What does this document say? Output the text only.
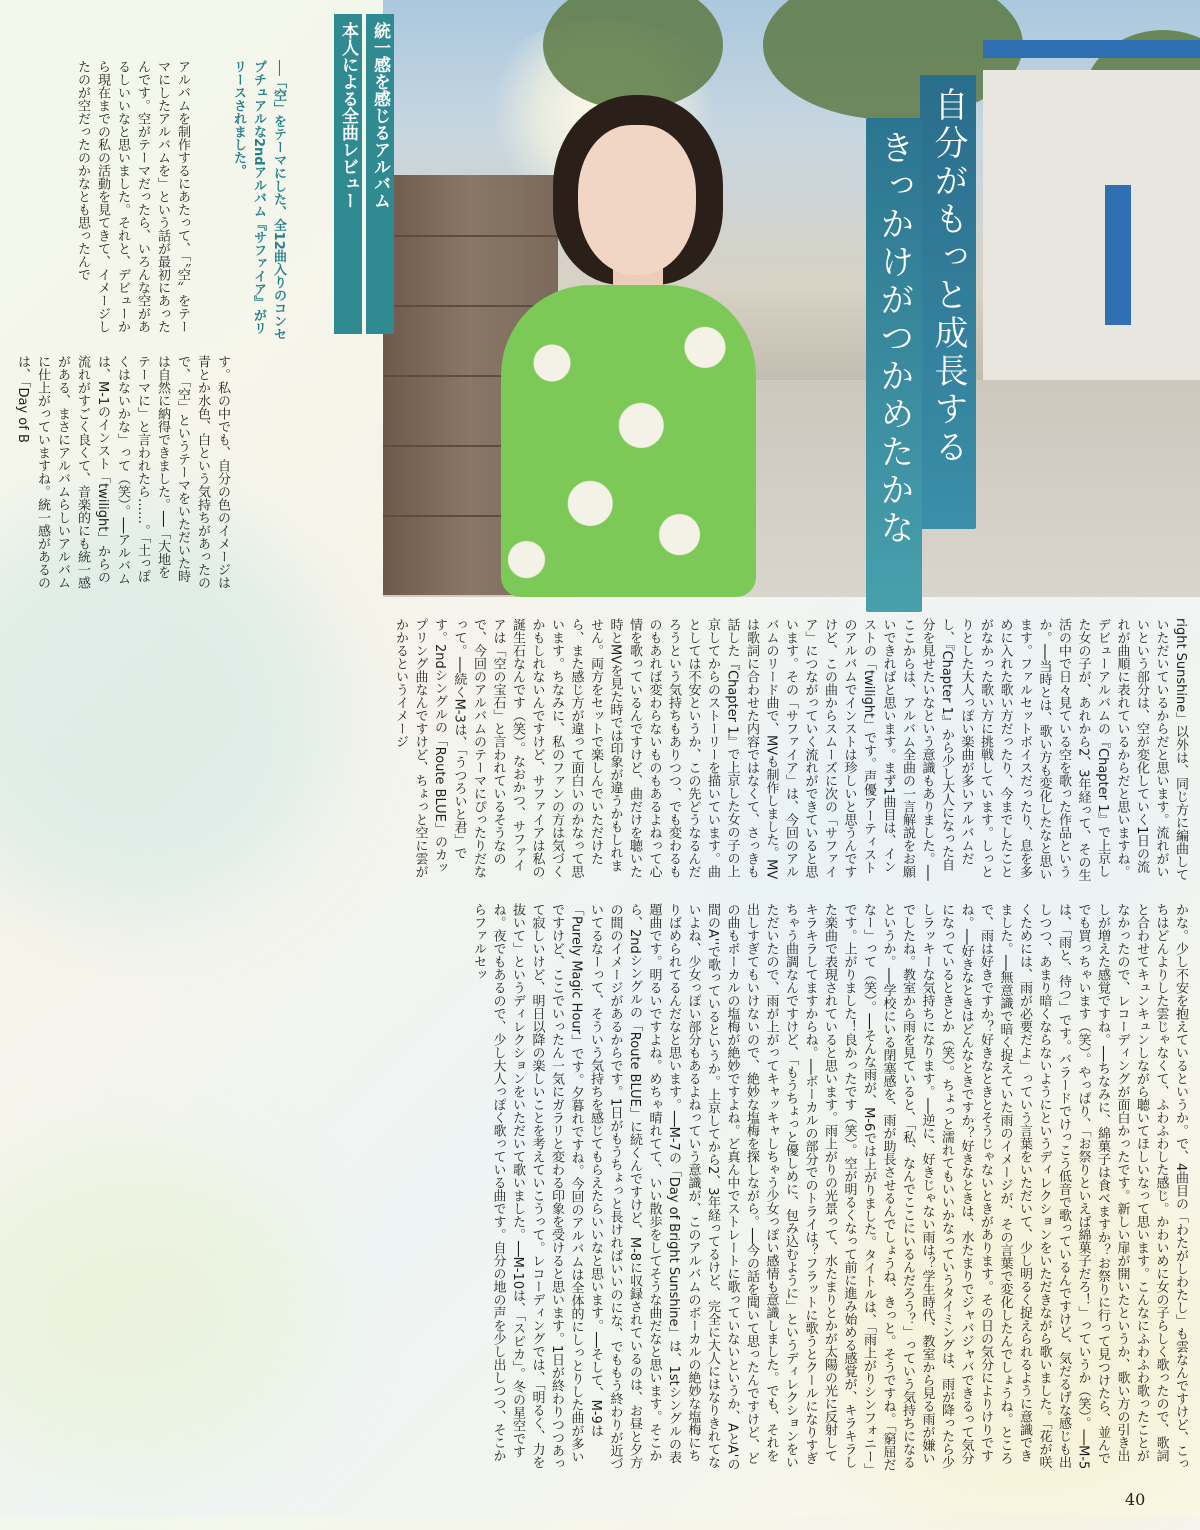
自分がもっと成長する
きっかけがつかめたかな
統一感を感じるアルバム
本人による全曲レビュー
──「空」をテーマにした、全12曲入りのコンセプチュアルな2ndアルバム『サファイア』がリリースされました。
アルバムを制作するにあたって、「〝空〟をテーマにしたアルバムを」という話が最初にあったんです。空がテーマだったら、いろんな空があるしいいなと思いました。それと、デビューから現在までの私の活動を見てきて、イメージしたのが空だったのかなとも思ったんで
す。私の中でも、自分の色のイメージは青とか水色、白という気持ちがあったので、「空」というテーマをいただいた時は自然に納得できました。──「大地をテーマに」と言われたら……。「土っぽくはないかな」って（笑）。──アルバムは、M-1のインスト「twilight」からの流れがすごく良くて、音楽的にも統一感がある、まさにアルバムらしいアルバムに仕上がっていますね。統一感があるのは、「Day of B
right Sunshine」以外は、同じ方に編曲していただいているからだと思います。流れがいいという部分は、空が変化していく1日の流れが曲順に表れているからだと思いますね。デビューアルバムの『Chapter 1』で上京した女の子が、あれから2、3年経って、その生活の中で日々見ている空を歌った作品というか。──当時とは、歌い方も変化したなと思います。ファルセットボイスだったり、息を多めに入れた歌い方だったり、今までしたことがなかった歌い方に挑戦しています。しっとりとした大人っぽい楽曲が多いアルバムだし、『Chapter 1』から少し大人になった自分を見せたいなという意識もありました。──ここからは、アルバム全曲の一言解説をお願いできればと思います。まず1曲目は、インストの「twilight」です。声優アーティストのアルバムでインストは珍しいと思うんですけど、この曲からスムーズに次の「サファイア」につながっていく流れができていると思います。その「サファイア」は、今回のアルバムのリード曲で、MVも制作しました。MVは歌詞に合わせた内容ではなくて、さっきも話した『Chapter 1』で上京した女の子の上京してからのストーリーを描いています。曲としては不安というか、この先どうなるんだろうという気持ちもありつつ、でも変わるものもあれば変わらないものもあるよねって心情を歌っているんですけど、曲だけを聴いた時とMVを見た時では印象が違うかもしれません。両方をセットで楽しんでいただけたら、また感じ方が違って面白いのかなって思います。ちなみに、私のファンの方は気づくかもしれないんですけど、サファイアは私の誕生石なんです（笑）。なおかつ、サファイアは「空の宝石」と言われているそうなので、今回のアルバムのテーマにぴったりだなって。──続くM-3は、「うつろいと君」です。2ndシングルの「Route BLUE」のカップリング曲なんですけど、ちょっと空に雲がかかるというイメージ
かな。少し不安を抱えているというか。で、4曲目の「わたがしわたし」も雲なんですけど、こっちはどんよりした雲じゃなくて、ふわふわした感じ。かわいめに女の子らしく歌ったので、歌詞と合わせてキュンキュンしながら聴いてほしいなって思います。こんなにふわふわ歌ったことがなかったので、レコーディングが面白かったです。新しい扉が開いたというか、歌い方の引き出しが増えた感覚ですね。──ちなみに、綿菓子は食べますか？お祭りに行って見つけたら、並んででも買っちゃいます（笑）。やっぱり、「お祭りといえば綿菓子だろ！」っていうか（笑）。──M-5は、「雨と、待つ」です。バラードでけっこう低音で歌っているんですけど、気だるげな感じも出しつつ、あまり暗くならないようにというディレクションをいただきながら歌いました。「花が咲くためには、雨が必要だよ」っていう言葉をいただいて、少し明るく捉えられるように意識できました。──無意識で暗く捉えていた雨のイメージが、その言葉で変化したんでしょうね。ところで、雨は好きですか？好きなときとそうじゃないときがあります。その日の気分によりけりですね。──好きなときはどんなときですか？好きなときは、水たまりでジャバジャバできるって気分になっているときとか（笑）。ちょっと濡れてもいいかなっていうタイミングは、雨が降ったら少しラッキーな気持ちになります。──逆に、好きじゃない雨は？学生時代、教室から見る雨が嫌いでしたね。教室から雨を見ていると、「私、なんでここにいるんだろう？」っていう気持ちになるというか。──学校にいる閉塞感を、雨が助長させるんでしょうね、きっと。そうですね。「窮屈だなー」って（笑）。──そんな雨が、M-6では上がりました。タイトルは、「雨上がりシンフォニー」です。上がりました！良かったです（笑）。空が明るくなって前に進み始める感覚が、キラキラした楽曲で表現されていると思います。雨上がりの光景って、水たまりとかが太陽の光に反射してキラキラしてますからね。──ボーカルの部分でのトライは？フラットに歌うとクールになりすぎちゃう曲調なんですけど、「もうちょっと優しめに、包み込むように」というディレクションをいただいたので、雨が上がってキャッキャしちゃう少女っぽい感情も意識しました。でも、それを出しすぎてもいけないので、絶妙な塩梅を探しながら。──今の話を聞いて思ったんですけど、どの曲もボーカルの塩梅が絶妙ですよね。ど真ん中でストレートに歌っていないというか、AとA'の間のA''で歌っているというか。上京してから2、3年経ってるけど、完全に大人にはなりきれてないよね、少女っぽい部分もあるよねっていう意識が、このアルバムのボーカルの絶妙な塩梅にちりばめられてるんだなと思います。──M-7の「Day of Bright Sunshine」は、1stシングルの表題曲です。明るいですよね。めちゃ晴れてて、いい散歩をしてそうな曲だなと思います。そこから、2ndシングルの「Route BLUE」に続くんですけど、M-8に収録されているのは、お昼と夕方の間のイメージがあるからです。1日がもうちょっと長ければいいのにな、でももう終わりが近づいてるなーって、そういう気持ちを感じてもらえたらいいなと思います。──そして、M-9は「Purely Magic Hour」です。夕暮れですね。今回のアルバムは全体的にしっとりした曲が多いですけど、ここでいったん一気にガラリと変わる印象を受けると思います。1日が終わりつつあって寂しいけど、明日以降の楽しいことを考えていこうって。レコーディングでは、「明るく、力を抜いて」というディレクションをいただいて歌いました。──M-10は、「スピカ」。冬の星空ですね。夜でもあるので、少し大人っぽく歌っている曲です。自分の地の声を少し出しつつ、そこからファルセッ
40
